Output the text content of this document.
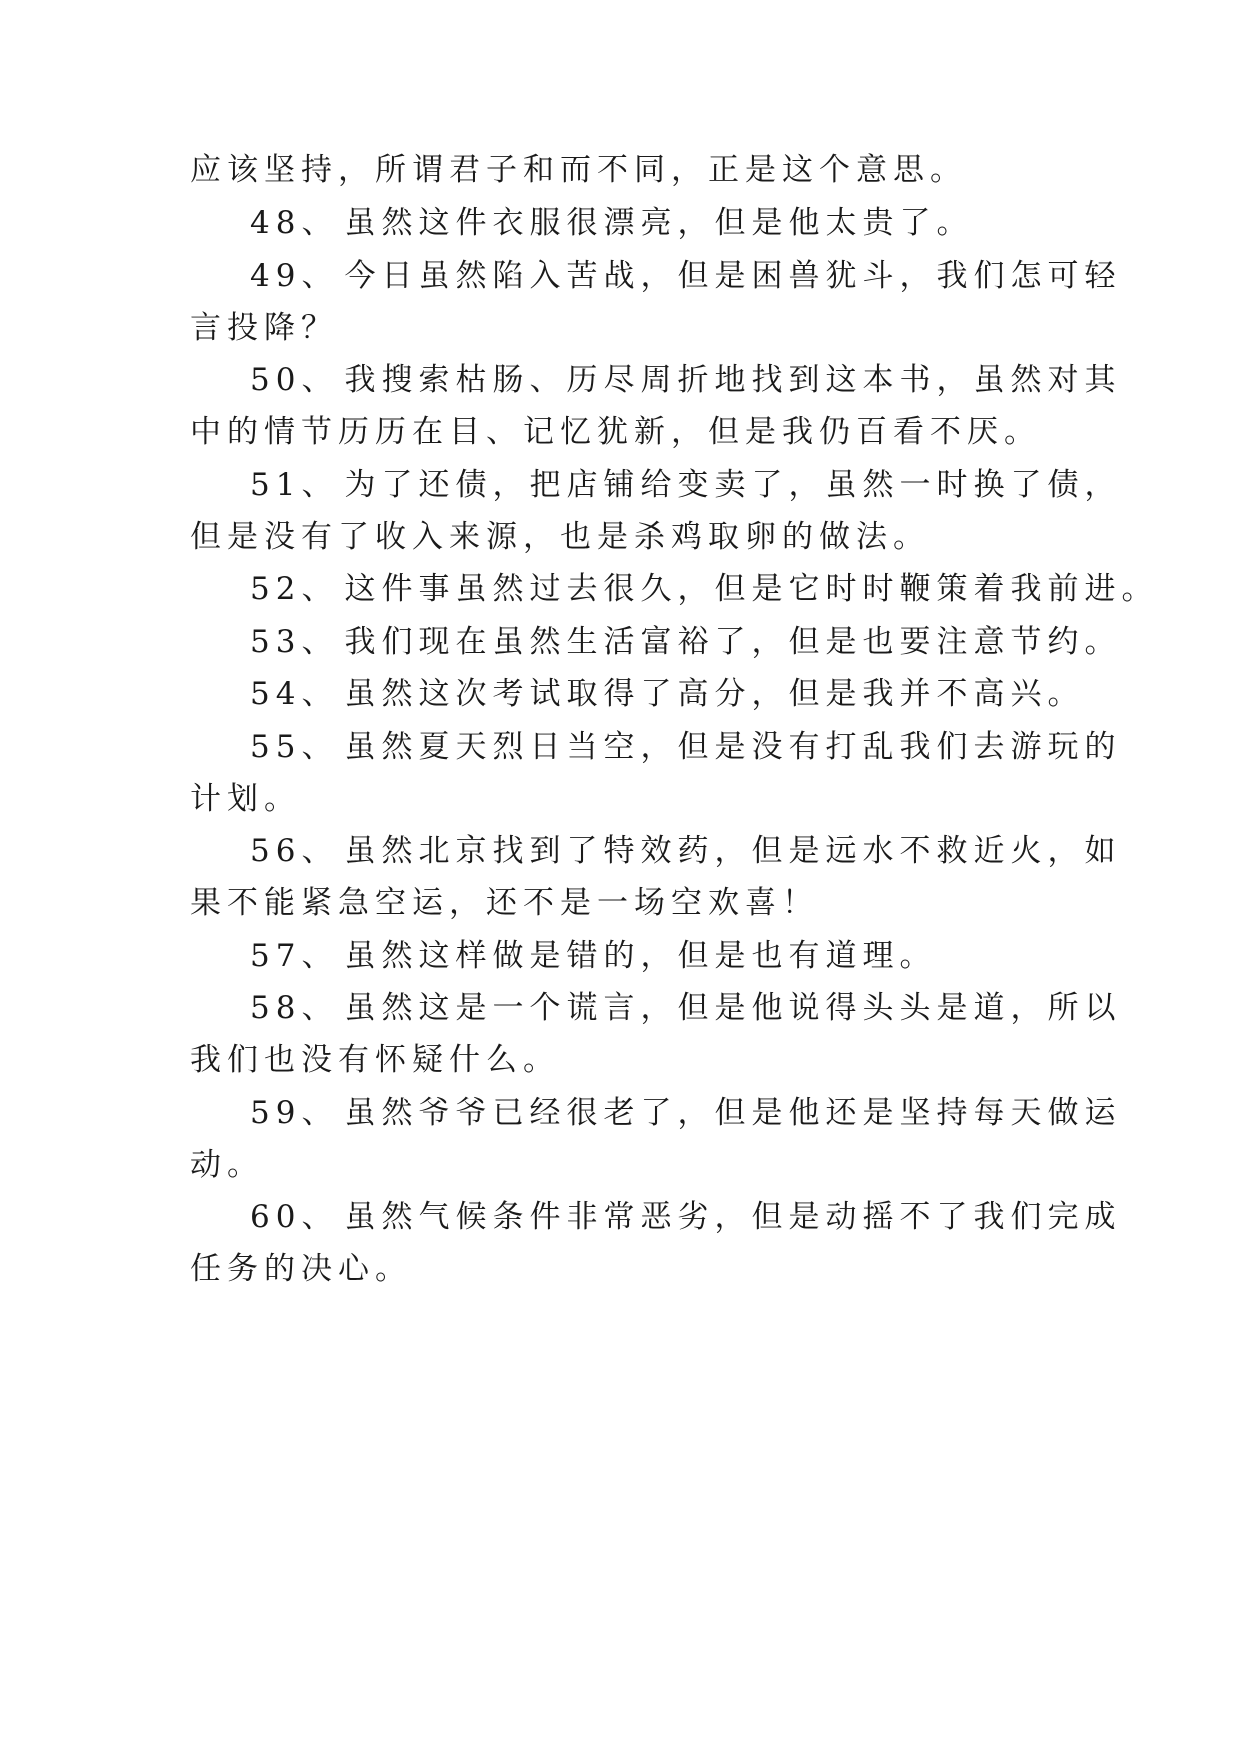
应该坚持，所谓君子和而不同，正是这个意思。
48、 虽然这件衣服很漂亮，但是他太贵了。
49、 今日虽然陷入苦战，但是困兽犹斗，我们怎可轻
言投降？
50、 我搜索枯肠、历尽周折地找到这本书，虽然对其
中的情节历历在目、记忆犹新，但是我仍百看不厌。
51、 为了还债，把店铺给变卖了，虽然一时换了债，
但是没有了收入来源，也是杀鸡取卵的做法。
52、 这件事虽然过去很久，但是它时时鞭策着我前进。
53、 我们现在虽然生活富裕了，但是也要注意节约。
54、 虽然这次考试取得了高分，但是我并不高兴。
55、 虽然夏天烈日当空，但是没有打乱我们去游玩的
计划。
56、 虽然北京找到了特效药，但是远水不救近火，如
果不能紧急空运，还不是一场空欢喜！
57、 虽然这样做是错的，但是也有道理。
58、 虽然这是一个谎言，但是他说得头头是道，所以
我们也没有怀疑什么。
59、 虽然爷爷已经很老了，但是他还是坚持每天做运
动。
60、 虽然气候条件非常恶劣，但是动摇不了我们完成
任务的决心。
